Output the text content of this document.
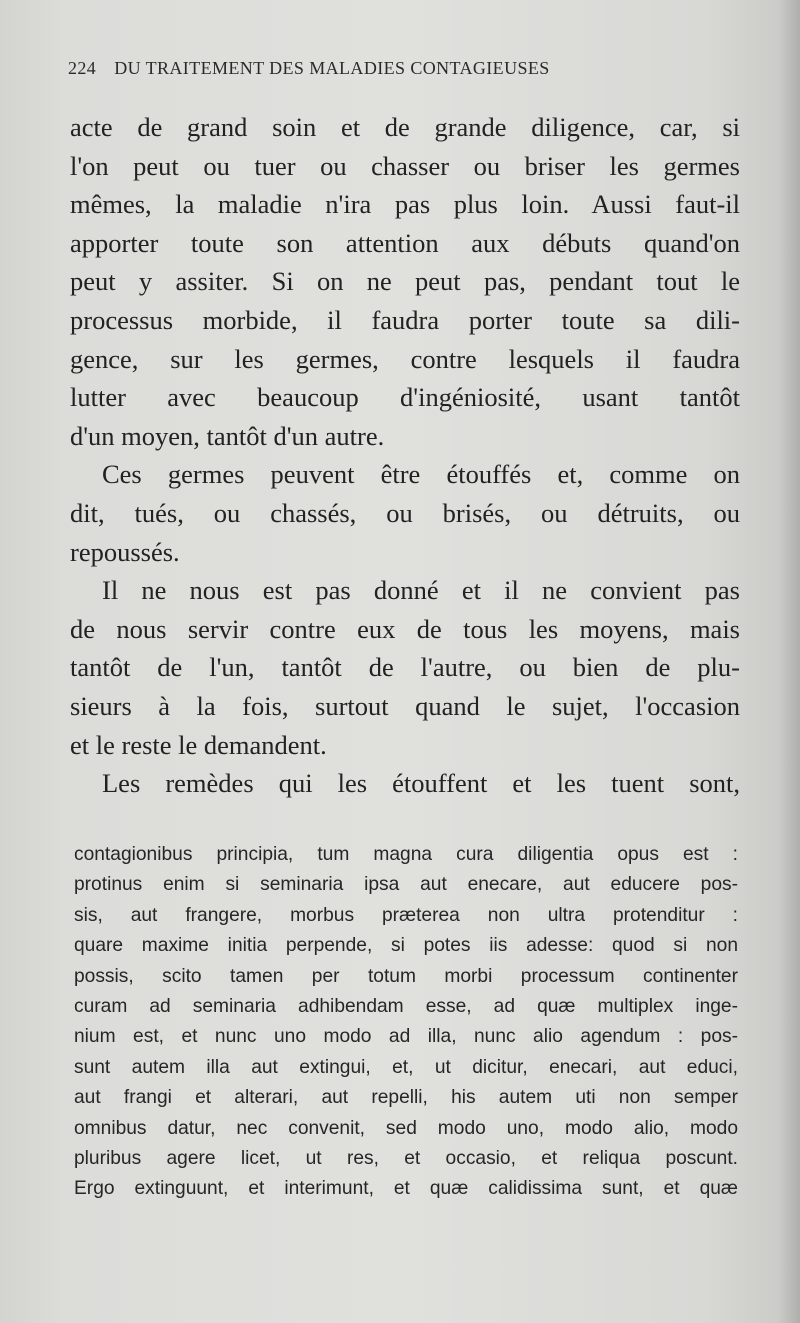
224 DU TRAITEMENT DES MALADIES CONTAGIEUSES
acte de grand soin et de grande diligence, car, si
l'on peut ou tuer ou chasser ou briser les germes
mêmes, la maladie n'ira pas plus loin. Aussi faut-il
apporter toute son attention aux débuts quand'on
peut y assiter. Si on ne peut pas, pendant tout le
processus morbide, il faudra porter toute sa dili-
gence, sur les germes, contre lesquels il faudra
lutter avec beaucoup d'ingéniosité, usant tantôt
d'un moyen, tantôt d'un autre.
Ces germes peuvent être étouffés et, comme on
dit, tués, ou chassés, ou brisés, ou détruits, ou
repoussés.
Il ne nous est pas donné et il ne convient pas
de nous servir contre eux de tous les moyens, mais
tantôt de l'un, tantôt de l'autre, ou bien de plu-
sieurs à la fois, surtout quand le sujet, l'occasion
et le reste le demandent.
Les remèdes qui les étouffent et les tuent sont,
contagionibus principia, tum magna cura diligentia opus est :
protinus enim si seminaria ipsa aut enecare, aut educere pos-
sis, aut frangere, morbus præterea non ultra protenditur :
quare maxime initia perpende, si potes iis adesse: quod si non
possis, scito tamen per totum morbi processum continenter
curam ad seminaria adhibendam esse, ad quæ multiplex inge-
nium est, et nunc uno modo ad illa, nunc alio agendum : pos-
sunt autem illa aut extingui, et, ut dicitur, enecari, aut educi,
aut frangi et alterari, aut repelli, his autem uti non semper
omnibus datur, nec convenit, sed modo uno, modo alio, modo
pluribus agere licet, ut res, et occasio, et reliqua poscunt.
Ergo extinguunt, et interimunt, et quæ calidissima sunt, et quæ
